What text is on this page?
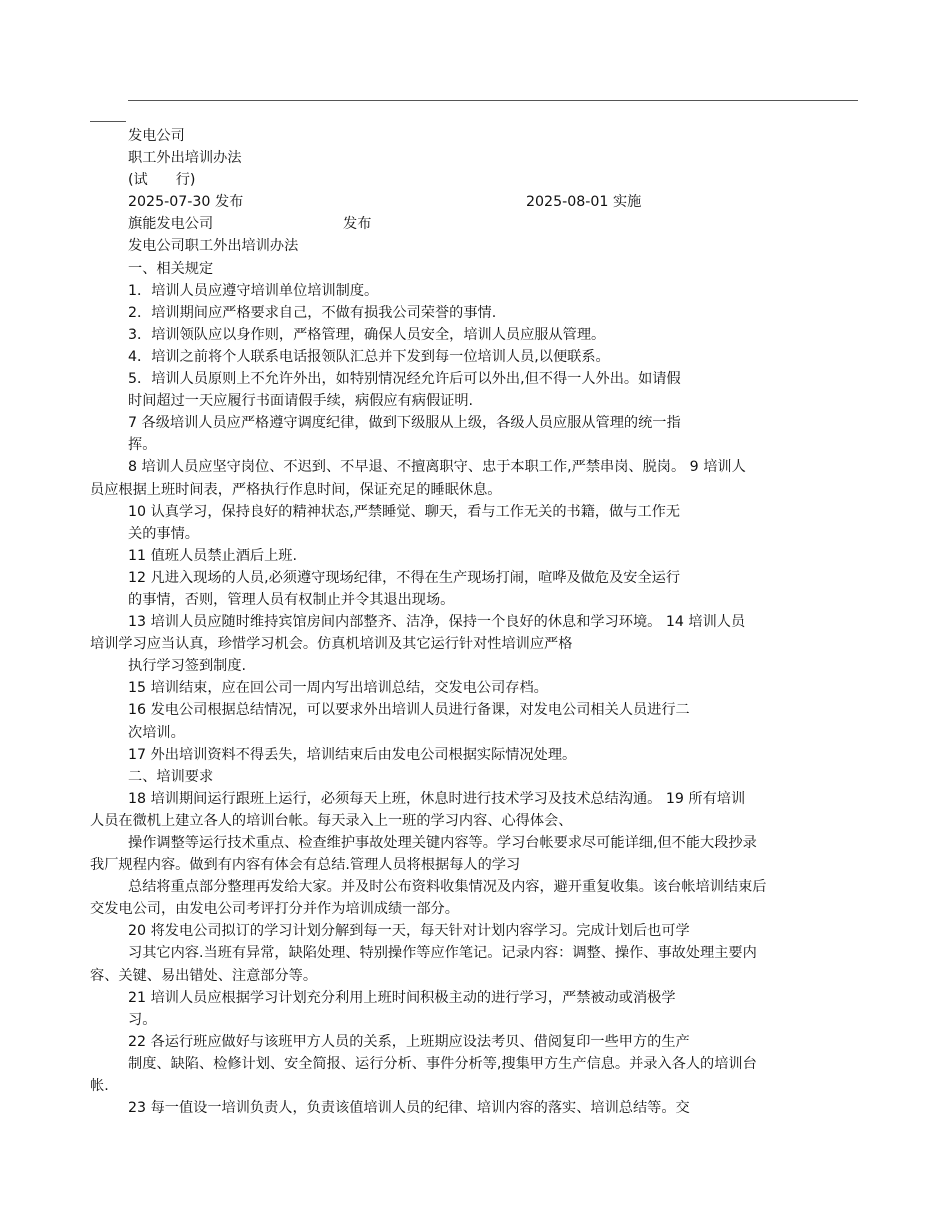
发电公司
职工外出培训办法
(试 行)
2025-07-30 发布	2025-08-01 实施
旗能发电公司	发布
发电公司职工外出培训办法
一、相关规定
1．培训人员应遵守培训单位培训制度。
2．培训期间应严格要求自己，不做有损我公司荣誉的事情.
3．培训领队应以身作则，严格管理，确保人员安全，培训人员应服从管理。
4．培训之前将个人联系电话报领队汇总并下发到每一位培训人员,以便联系。
5．培训人员原则上不允许外出，如特别情况经允许后可以外出,但不得一人外出。如请假
时间超过一天应履行书面请假手续，病假应有病假证明.
7 各级培训人员应严格遵守调度纪律，做到下级服从上级，各级人员应服从管理的统一指
挥。
8 培训人员应坚守岗位、不迟到、不早退、不擅离职守、忠于本职工作,严禁串岗、脱岗。 9 培训人
员应根据上班时间表，严格执行作息时间，保证充足的睡眠休息。
10 认真学习，保持良好的精神状态,严禁睡觉、聊天，看与工作无关的书籍，做与工作无
关的事情。
11 值班人员禁止酒后上班.
12 凡进入现场的人员,必须遵守现场纪律，不得在生产现场打闹，喧哗及做危及安全运行
的事情，否则，管理人员有权制止并令其退出现场。
13 培训人员应随时维持宾馆房间内部整齐、洁净，保持一个良好的休息和学习环境。 14 培训人员
培训学习应当认真，珍惜学习机会。仿真机培训及其它运行针对性培训应严格
执行学习签到制度.
15 培训结束，应在回公司一周内写出培训总结，交发电公司存档。
16 发电公司根据总结情况，可以要求外出培训人员进行备课，对发电公司相关人员进行二
次培训。
17 外出培训资料不得丢失，培训结束后由发电公司根据实际情况处理。
二、培训要求
18 培训期间运行跟班上运行，必须每天上班，休息时进行技术学习及技术总结沟通。 19 所有培训
人员在微机上建立各人的培训台帐。每天录入上一班的学习内容、心得体会、
操作调整等运行技术重点、检查维护事故处理关键内容等。学习台帐要求尽可能详细,但不能大段抄录
我厂规程内容。做到有内容有体会有总结.管理人员将根据每人的学习
总结将重点部分整理再发给大家。并及时公布资料收集情况及内容，避开重复收集。该台帐培训结束后
交发电公司，由发电公司考评打分并作为培训成绩一部分。
20 将发电公司拟订的学习计划分解到每一天，每天针对计划内容学习。完成计划后也可学
习其它内容.当班有异常，缺陷处理、特别操作等应作笔记。记录内容：调整、操作、事故处理主要内
容、关键、易出错处、注意部分等。
21 培训人员应根据学习计划充分利用上班时间积极主动的进行学习，严禁被动或消极学
习。
22 各运行班应做好与该班甲方人员的关系，上班期应设法考贝、借阅复印一些甲方的生产
制度、缺陷、检修计划、安全简报、运行分析、事件分析等,搜集甲方生产信息。并录入各人的培训台
帐.
23 每一值设一培训负责人，负责该值培训人员的纪律、培训内容的落实、培训总结等。交
